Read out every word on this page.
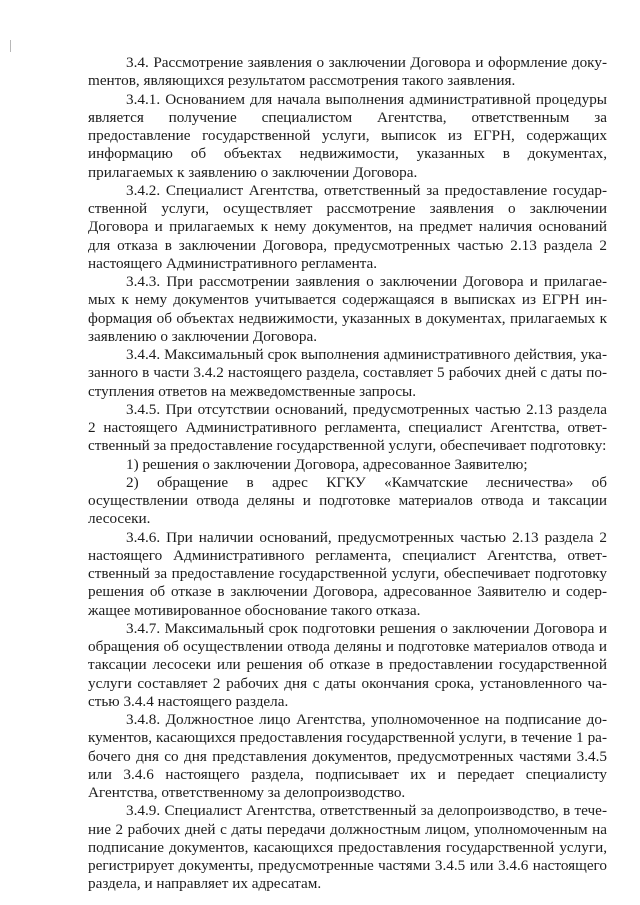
3.4. Рассмотрение заявления о заключении Договора и оформление докуmентов, являющихся результатом рассмотрения такого заявления.

3.4.1. Основанием для начала выполнения административной процедуры является получение специалистом Агентства, ответственным за предоставление государственной услуги, выписок из ЕГРН, содержащих информацию об объектах недвижимости, указанных в документах, прилагаемых к заявлению о заключении Договора.

3.4.2. Специалист Агентства, ответственный за предоставление государственной услуги, осуществляет рассмотрение заявления о заключении Договора и прилагаемых к нему документов, на предмет наличия оснований для отказа в заключении Договора, предусмотренных частью 2.13 раздела 2 настоящего Административного регламента.

3.4.3. При рассмотрении заявления о заключении Договора и прилагаемых к нему документов учитывается содержащаяся в выписках из ЕГРН информация об объектах недвижимости, указанных в документах, прилагаемых к заявлению о заключении Договора.

3.4.4. Максимальный срок выполнения административного действия, указанного в части 3.4.2 настоящего раздела, составляет 5 рабочих дней с даты поступления ответов на межведомственные запросы.

3.4.5. При отсутствии оснований, предусмотренных частью 2.13 раздела 2 настоящего Административного регламента, специалист Агентства, ответственный за предоставление государственной услуги, обеспечивает подготовку:

1) решения о заключении Договора, адресованное Заявителю;

2) обращение в адрес КГКУ «Камчатские лесничества» об осуществлении отвода деляны и подготовке материалов отвода и таксации лесосеки.

3.4.6. При наличии оснований, предусмотренных частью 2.13 раздела 2 настоящего Административного регламента, специалист Агентства, ответственный за предоставление государственной услуги, обеспечивает подготовку решения об отказе в заключении Договора, адресованное Заявителю и содержащее мотивированное обоснование такого отказа.

3.4.7. Максимальный срок подготовки решения о заключении Договора и обращения об осуществлении отвода деляны и подготовке материалов отвода и таксации лесосеки или решения об отказе в предоставлении государственной услуги составляет 2 рабочих дня с даты окончания срока, установленного частью 3.4.4 настоящего раздела.

3.4.8. Должностное лицо Агентства, уполномоченное на подписание документов, касающихся предоставления государственной услуги, в течение 1 рабочего дня со дня представления документов, предусмотренных частями 3.4.5 или 3.4.6 настоящего раздела, подписывает их и передает специалисту Агентства, ответственному за делопроизводство.

3.4.9. Специалист Агентства, ответственный за делопроизводство, в течение 2 рабочих дней с даты передачи должностным лицом, уполномоченным на подписание документов, касающихся предоставления государственной услуги, регистрирует документы, предусмотренные частями 3.4.5 или 3.4.6 настоящего раздела, и направляет их адресатам.
